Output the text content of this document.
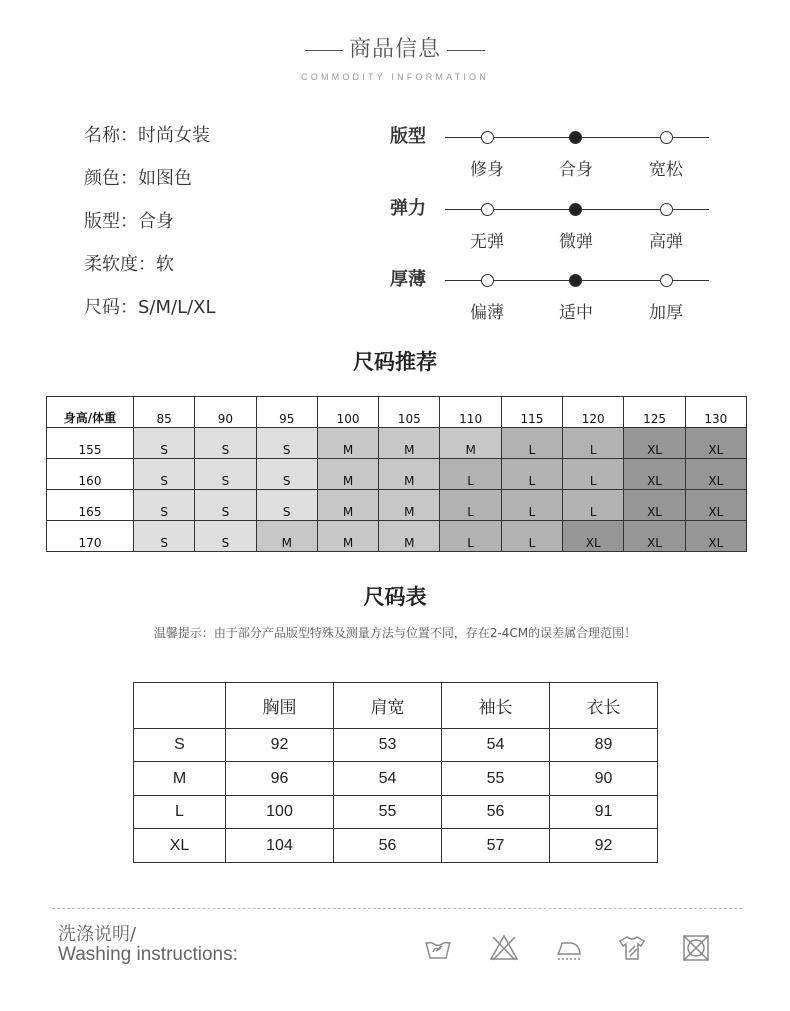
商品信息
COMMODITY INFORMATION
名称：时尚女装
颜色：如图色
版型：合身
柔软度：软
尺码：S/M/L/XL
版型
修身	合身	宽松
弹力
无弹	微弹	高弹
厚薄
偏薄	适中	加厚
尺码推荐
身高/体重	85	90	95	100	105	110	115	120	125	130
155	S	S	S	M	M	M	L	L	XL	XL
160	S	S	S	M	M	L	L	L	XL	XL
165	S	S	S	M	M	L	L	L	XL	XL
170	S	S	M	M	M	L	L	XL	XL	XL
尺码表
温馨提示：由于部分产品版型特殊及测量方法与位置不同，存在2-4CM的误差属合理范围！
	胸围	肩宽	袖长	衣长
S	92	53	54	89
M	96	54	55	90
L	100	55	56	91
XL	104	56	57	92
洗涤说明/
Washing instructions:
